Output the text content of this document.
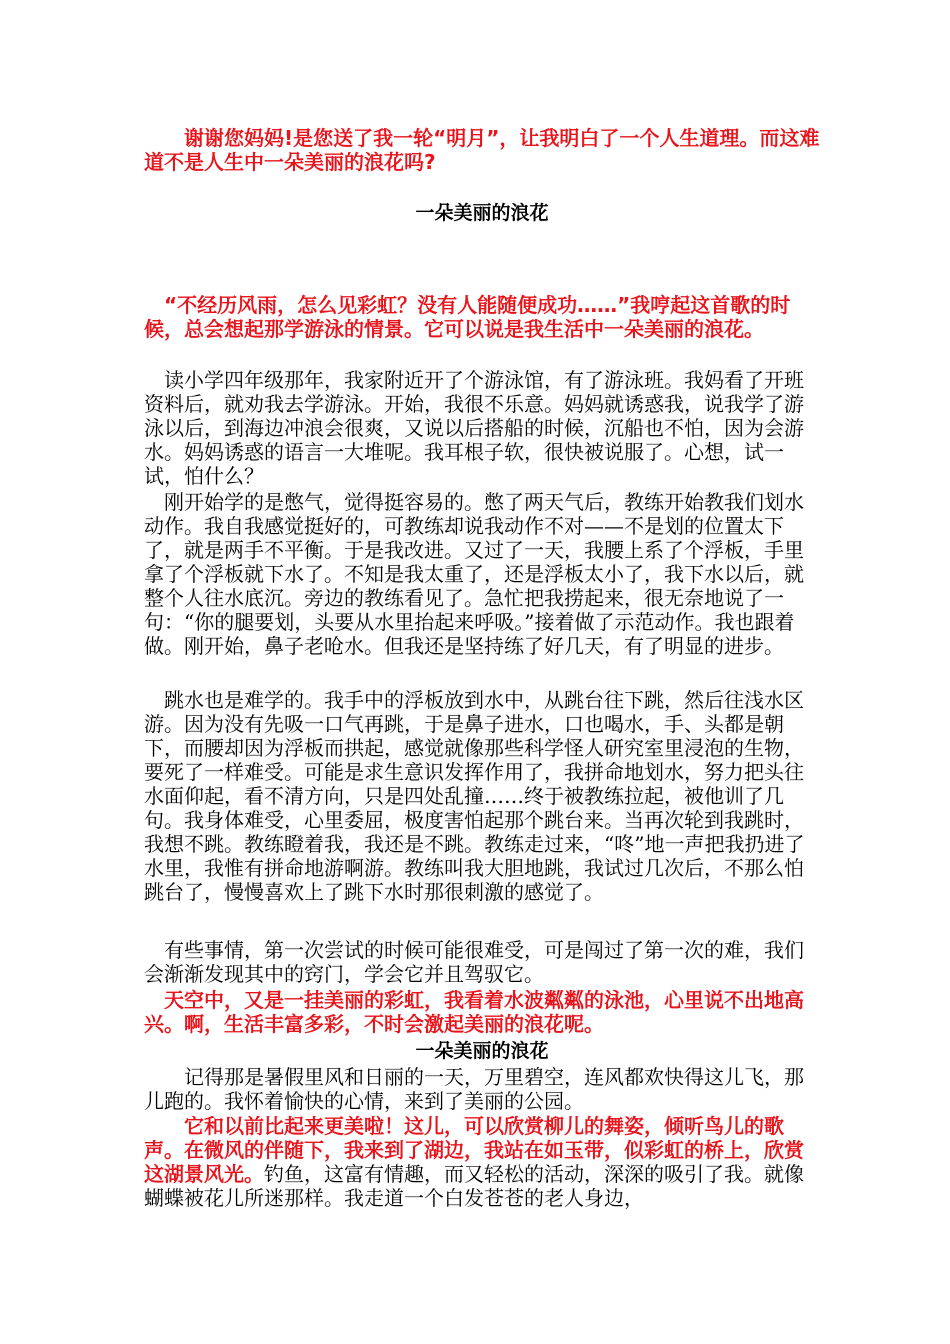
谢谢您妈妈!是您送了我一轮“明月”，让我明白了一个人生道理。而这难道不是人生中一朵美丽的浪花吗?

一朵美丽的浪花

“不经历风雨，怎么见彩虹？没有人能随便成功……”我哼起这首歌的时候，总会想起那学游泳的情景。它可以说是我生活中一朵美丽的浪花。

读小学四年级那年，我家附近开了个游泳馆，有了游泳班。我妈看了开班资料后，就劝我去学游泳。开始，我很不乐意。妈妈就诱惑我，说我学了游泳以后，到海边冲浪会很爽，又说以后搭船的时候，沉船也不怕，因为会游水。妈妈诱惑的语言一大堆呢。我耳根子软，很快被说服了。心想，试一试，怕什么？

刚开始学的是憋气，觉得挺容易的。憋了两天气后，教练开始教我们划水动作。我自我感觉挺好的，可教练却说我动作不对——不是划的位置太下了，就是两手不平衡。于是我改进。又过了一天，我腰上系了个浮板，手里拿了个浮板就下水了。不知是我太重了，还是浮板太小了，我下水以后，就整个人往水底沉。旁边的教练看见了。急忙把我捞起来，很无奈地说了一句：“你的腿要划，头要从水里抬起来呼吸。”接着做了示范动作。我也跟着做。刚开始，鼻子老呛水。但我还是坚持练了好几天，有了明显的进步。

跳水也是难学的。我手中的浮板放到水中，从跳台往下跳，然后往浅水区游。因为没有先吸一口气再跳，于是鼻子进水，口也喝水，手、头都是朝下，而腰却因为浮板而拱起，感觉就像那些科学怪人研究室里浸泡的生物，要死了一样难受。可能是求生意识发挥作用了，我拼命地划水，努力把头往水面仰起，看不清方向，只是四处乱撞……终于被教练拉起，被他训了几句。我身体难受，心里委屈，极度害怕起那个跳台来。当再次轮到我跳时，我想不跳。教练瞪着我，我还是不跳。教练走过来，“咚”地一声把我扔进了水里，我惟有拼命地游啊游。教练叫我大胆地跳，我试过几次后，不那么怕跳台了，慢慢喜欢上了跳下水时那很刺激的感觉了。

有些事情，第一次尝试的时候可能很难受，可是闯过了第一次的难，我们会渐渐发现其中的窍门，学会它并且驾驭它。

天空中，又是一挂美丽的彩虹，我看着水波粼粼的泳池，心里说不出地高兴。啊，生活丰富多彩，不时会激起美丽的浪花呢。

一朵美丽的浪花

记得那是暑假里风和日丽的一天，万里碧空，连风都欢快得这儿飞，那儿跑的。我怀着愉快的心情，来到了美丽的公园。

它和以前比起来更美啦！这儿，可以欣赏柳儿的舞姿，倾听鸟儿的歌声。在微风的伴随下，我来到了湖边，我站在如玉带，似彩虹的桥上，欣赏这湖景风光。钓鱼，这富有情趣，而又轻松的活动，深深的吸引了我。就像蝴蝶被花儿所迷那样。我走道一个白发苍苍的老人身边，
